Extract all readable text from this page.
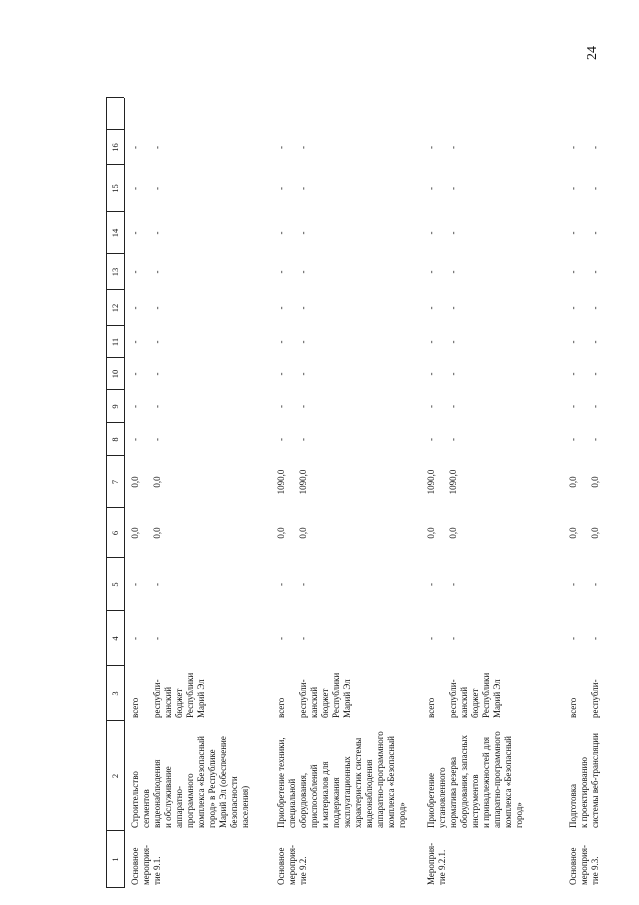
24
1
2
3
4
5
6
7
8
9
10
11
12
13
14
15
16
Основное мероприя- тие 9.1.
Строительство сегментов видеонаблюдения и обслуживание аппаратно- программного комплекса «Безопасный город» в Республике Марий Эл (обеспечение безопасности населения)
всего
республи- канский бюджет Республики Марий Эл
-
-
0,0
0,0
-
-
-
-
-
-
-
-
-
-
-
0,0
0,0
-
-
-
-
-
-
-
-
-
Основное мероприя- тие 9.2.
Приобретение техники, специальной оборудования, приспособлений и материалов для поддержания эксплуатационных характеристик системы видеонаблюдения аппаратно-программного комплекса «Безопасный город»
всего
республи- канский бюджет Республики Марий Эл
-
-
0,0
1090,0
-
-
-
-
-
-
-
-
-
-
-
0,0
1090,0
-
-
-
-
-
-
-
-
-
Мероприя- тие 9.2.1.
Приобретение установленного норматива резерва оборудования, запасных инструментов и принадлежностей для аппаратно-программного комплекса «Безопасный город»
всего
республи- канский бюджет Республики Марий Эл
-
-
0,0
1090,0
-
-
-
-
-
-
-
-
-
-
-
0,0
1090,0
-
-
-
-
-
-
-
-
-
Основное мероприя- тие 9.3.
Подготовка к проектированию системы веб-трансляции
всего
республи-
-
-
0,0
0,0
-
-
-
-
-
-
-
-
-
-
-
0,0
0,0
-
-
-
-
-
-
-
-
-
